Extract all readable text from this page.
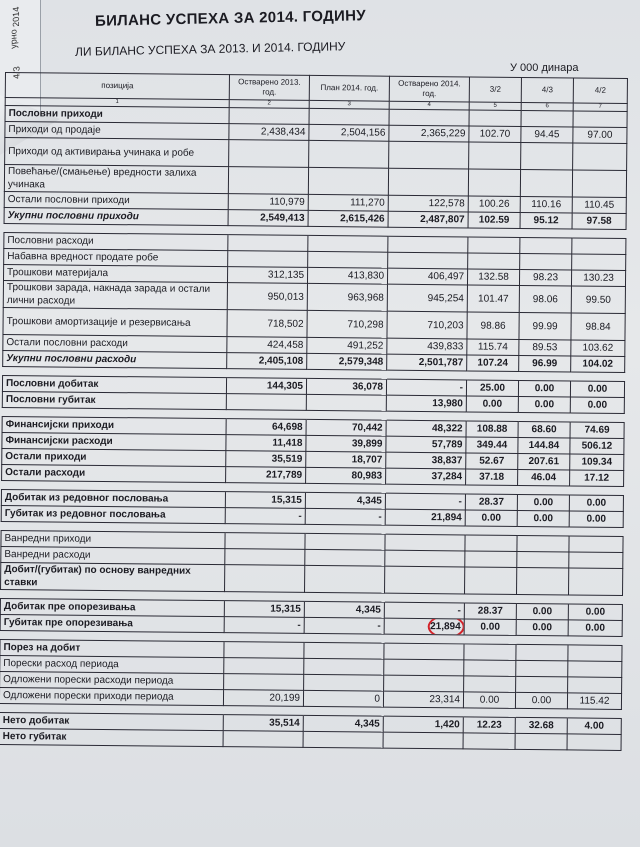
2014
4/3
урно
БИЛАНС УСПЕХА ЗА 2014. ГОДИНУ
ЛИ БИЛАНС УСПЕХА ЗА 2013. И 2014. ГОДИНУ
У 000 динара
позиција	Остварено 2013. год.	План 2014. год.	Остварено 2014. год.	3/2	4/3	4/2
1	2	3	4	5	6	7
Пословни приходи						
Приходи од продаје	2,438,434	2,504,156	2,365,229	102.70	94.45	97.00
Приходи од активирања учинака и робе						
Повећање/(смањење) вредности залиха учинака						
Остали пословни приходи	110,979	111,270	122,578	100.26	110.16	110.45
Укупни пословни приходи	2,549,413	2,615,426	2,487,807	102.59	95.12	97.58

Пословни расходи						
Набавна вредност продате робе						
Трошкови материјала	312,135	413,830	406,497	132.58	98.23	130.23
Трошкови зарада, накнада зарада и остали лични расходи	950,013	963,968	945,254	101.47	98.06	99.50
Трошкови амортизације и резервисања	718,502	710,298	710,203	98.86	99.99	98.84
Остали пословни расходи	424,458	491,252	439,833	115.74	89.53	103.62
Укупни пословни расходи	2,405,108	2,579,348	2,501,787	107.24	96.99	104.02

Пословни добитак	144,305	36,078	-	25.00	0.00	0.00
Пословни губитак			13,980	0.00	0.00	0.00

Финансијски приходи	64,698	70,442	48,322	108.88	68.60	74.69
Финансијски расходи	11,418	39,899	57,789	349.44	144.84	506.12
Остали приходи	35,519	18,707	38,837	52.67	207.61	109.34
Остали расходи	217,789	80,983	37,284	37.18	46.04	17.12

Добитак из редовног пословања	15,315	4,345	-	28.37	0.00	0.00
Губитак из редовног пословања	-	-	21,894	0.00	0.00	0.00

Ванредни приходи						
Ванредни расходи						
Добит/(губитак) по основу ванредних ставки						

Добитак пре опорезивања	15,315	4,345	-	28.37	0.00	0.00
Губитак пре опорезивања	-	-	21,894	0.00	0.00	0.00

Порез на добит						
Порески расход периода						
Одложени порески расходи периода						
Одложени порески приходи периода	20,199	0	23,314	0.00	0.00	115.42

Нето добитак	35,514	4,345	1,420	12.23	32.68	4.00
Нето губитак						
